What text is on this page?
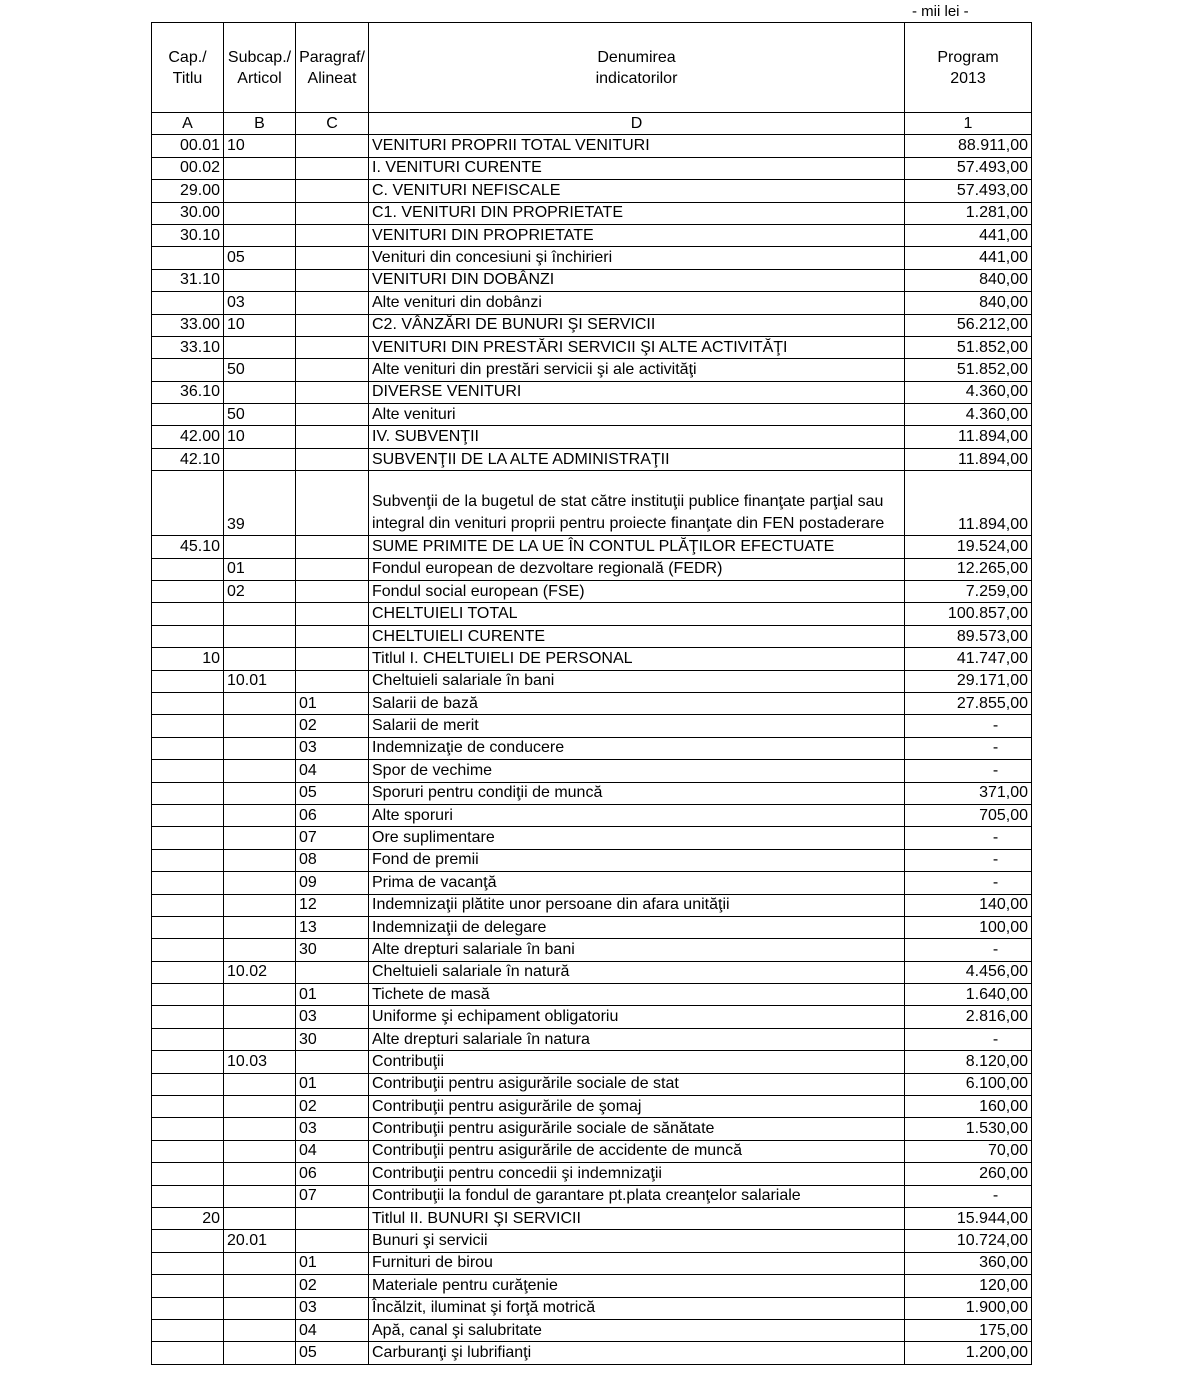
- mii lei -
Cap./ Titlu	Subcap./ Articol	Paragraf/ Alineat	Denumirea indicatorilor	Program 2013
A	B	C	D	1
00.01	10		VENITURI PROPRII TOTAL VENITURI	88.911,00
00.02			I. VENITURI CURENTE	57.493,00
29.00			C. VENITURI NEFISCALE	57.493,00
30.00			C1. VENITURI DIN PROPRIETATE	1.281,00
30.10			VENITURI DIN PROPRIETATE	441,00
	05		Venituri din concesiuni şi închirieri	441,00
31.10			VENITURI DIN DOBÂNZI	840,00
	03		Alte venituri din dobânzi	840,00
33.00	10		C2. VÂNZĂRI DE BUNURI ŞI SERVICII	56.212,00
33.10			VENITURI DIN PRESTĂRI SERVICII ŞI ALTE ACTIVITĂŢI	51.852,00
	50		Alte venituri din prestări servicii şi ale activităţi	51.852,00
36.10			DIVERSE VENITURI	4.360,00
	50		Alte venituri	4.360,00
42.00	10		IV. SUBVENŢII	11.894,00
42.10			SUBVENŢII DE LA ALTE ADMINISTRAŢII	11.894,00
	39		Subvenţii de la bugetul de stat către instituţii publice finanţate parţial sau integral din venituri proprii pentru proiecte finanţate din FEN postaderare	11.894,00
45.10			SUME PRIMITE DE LA UE ÎN CONTUL PLĂŢILOR EFECTUATE	19.524,00
	01		Fondul european de dezvoltare regională (FEDR)	12.265,00
	02		Fondul social european (FSE)	7.259,00
			CHELTUIELI TOTAL	100.857,00
			CHELTUIELI CURENTE	89.573,00
10			Titlul I. CHELTUIELI DE PERSONAL	41.747,00
	10.01		Cheltuieli salariale în bani	29.171,00
		01	Salarii de bază	27.855,00
		02	Salarii de merit	-
		03	Indemnizaţie de conducere	-
		04	Spor de vechime	-
		05	Sporuri pentru condiţii de muncă	371,00
		06	Alte sporuri	705,00
		07	Ore suplimentare	-
		08	Fond de premii	-
		09	Prima de vacanţă	-
		12	Indemnizaţii plătite unor persoane din afara unităţii	140,00
		13	Indemnizaţii de delegare	100,00
		30	Alte drepturi salariale în bani	-
	10.02		Cheltuieli salariale în natură	4.456,00
		01	Tichete de masă	1.640,00
		03	Uniforme şi echipament obligatoriu	2.816,00
		30	Alte drepturi salariale în natura	-
	10.03		Contribuţii	8.120,00
		01	Contribuţii pentru asigurările sociale de stat	6.100,00
		02	Contribuţii pentru asigurările de şomaj	160,00
		03	Contribuţii pentru asigurările sociale de sănătate	1.530,00
		04	Contribuţii pentru asigurările de accidente de muncă	70,00
		06	Contribuţii pentru concedii şi indemnizaţii	260,00
		07	Contribuţii la fondul de garantare pt.plata creanţelor salariale	-
20			Titlul II. BUNURI ŞI SERVICII	15.944,00
	20.01		Bunuri şi servicii	10.724,00
		01	Furnituri de birou	360,00
		02	Materiale pentru curăţenie	120,00
		03	Încălzit, iluminat şi forţă motrică	1.900,00
		04	Apă, canal şi salubritate	175,00
		05	Carburanţi şi lubrifianţi	1.200,00
